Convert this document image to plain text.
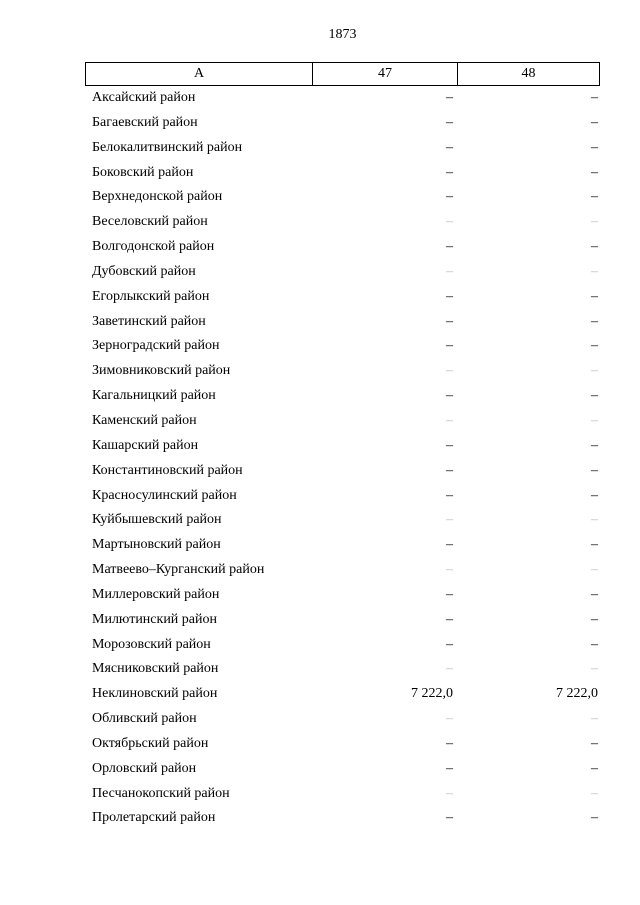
1873
А	47	48
Аксайский район	–	–
Багаевский район	–	–
Белокалитвинский район	–	–
Боковский район	–	–
Верхнедонской район	–	–
Веселовский район	–	–
Волгодонской район	–	–
Дубовский район	–	–
Егорлыкский район	–	–
Заветинский район	–	–
Зерноградский район	–	–
Зимовниковский район	–	–
Кагальницкий район	–	–
Каменский район	–	–
Кашарский район	–	–
Константиновский район	–	–
Красносулинский район	–	–
Куйбышевский район	–	–
Мартыновский район	–	–
Матвеево–Курганский район	–	–
Миллеровский район	–	–
Милютинский район	–	–
Морозовский район	–	–
Мясниковский район	–	–
Неклиновский район	7 222,0	7 222,0
Обливский район	–	–
Октябрьский район	–	–
Орловский район	–	–
Песчанокопский район	–	–
Пролетарский район	–	–
